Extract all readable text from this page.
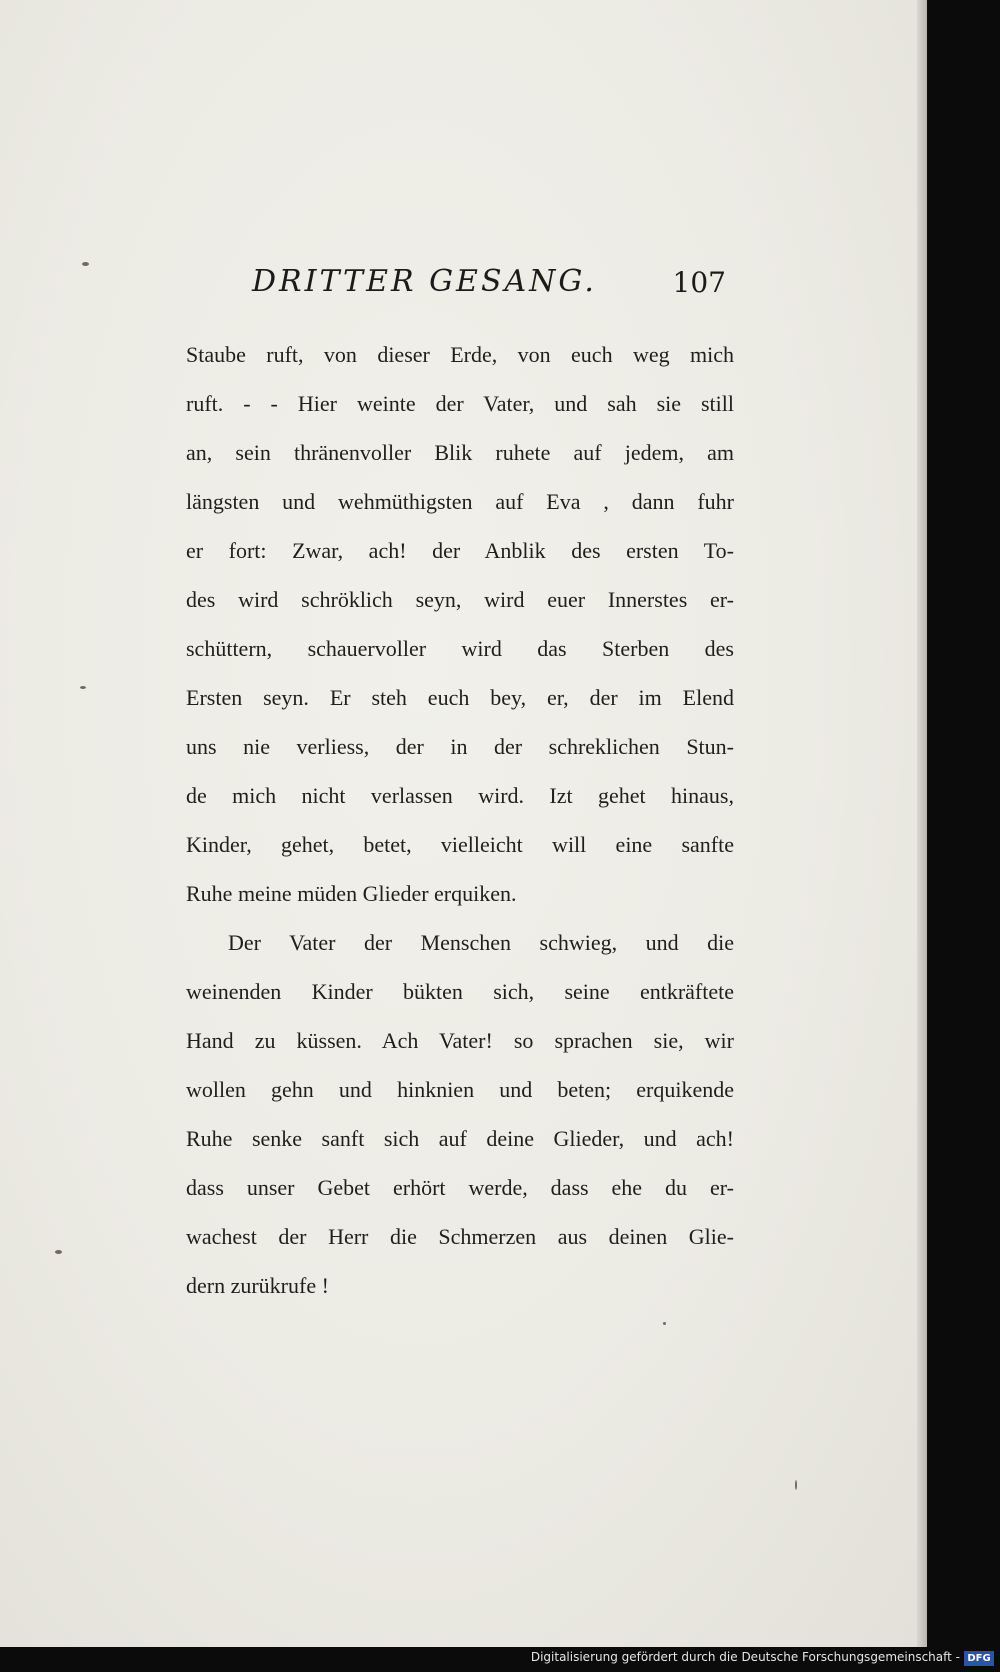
DRITTER GESANG.	107
Staube ruft, von dieser Erde, von euch weg mich
ruft. - - Hier weinte der Vater, und sah sie still
an, sein thränenvoller Blik ruhete auf jedem, am
längsten und wehmüthigsten auf Eva , dann fuhr
er fort: Zwar, ach! der Anblik des ersten To-
des wird schröklich seyn, wird euer Innerstes er-
schüttern, schauervoller wird das Sterben des
Ersten seyn. Er steh euch bey, er, der im Elend
uns nie verliess, der in der schreklichen Stun-
de mich nicht verlassen wird. Izt gehet hinaus,
Kinder, gehet, betet, vielleicht will eine sanfte
Ruhe meine müden Glieder erquiken.
Der Vater der Menschen schwieg, und die
weinenden Kinder bükten sich, seine entkräftete
Hand zu küssen. Ach Vater! so sprachen sie, wir
wollen gehn und hinknien und beten; erquikende
Ruhe senke sanft sich auf deine Glieder, und ach!
dass unser Gebet erhört werde, dass ehe du er-
wachest der Herr die Schmerzen aus deinen Glie-
dern zurükrufe !
Digitalisierung gefördert durch die Deutsche Forschungsgemeinschaft - DFG
